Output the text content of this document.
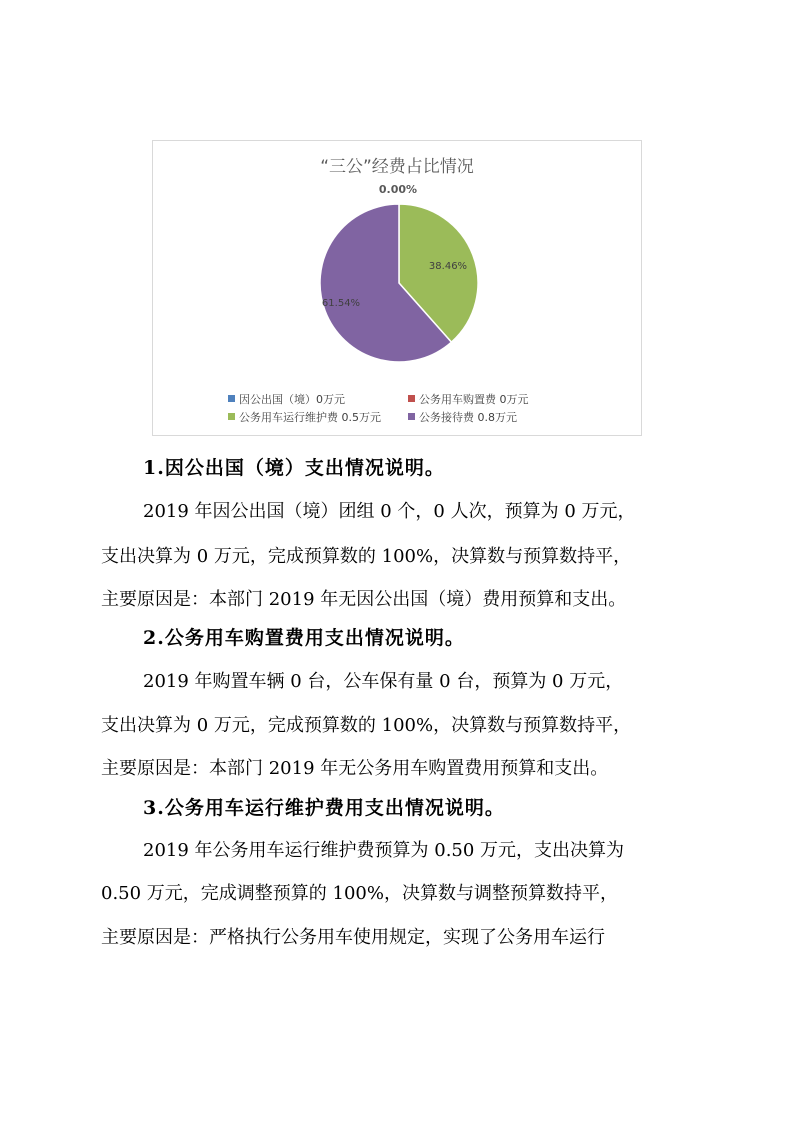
“三公”经费占比情况
0.00%
38.46%
61.54%
因公出国（境）0万元	公务用车购置费 0万元
公务用车运行维护费 0.5万元	公务接待费 0.8万元
1.因公出国（境）支出情况说明。
2019 年因公出国（境）团组 0 个，0 人次，预算为 0 万元，
支出决算为 0 万元，完成预算数的 100%，决算数与预算数持平，
主要原因是：本部门 2019 年无因公出国（境）费用预算和支出。
2.公务用车购置费用支出情况说明。
2019 年购置车辆 0 台，公车保有量 0 台，预算为 0 万元，
支出决算为 0 万元，完成预算数的 100%，决算数与预算数持平，
主要原因是：本部门 2019 年无公务用车购置费用预算和支出。
3.公务用车运行维护费用支出情况说明。
2019 年公务用车运行维护费预算为 0.50 万元，支出决算为
0.50 万元，完成调整预算的 100%，决算数与调整预算数持平，
主要原因是：严格执行公务用车使用规定，实现了公务用车运行
